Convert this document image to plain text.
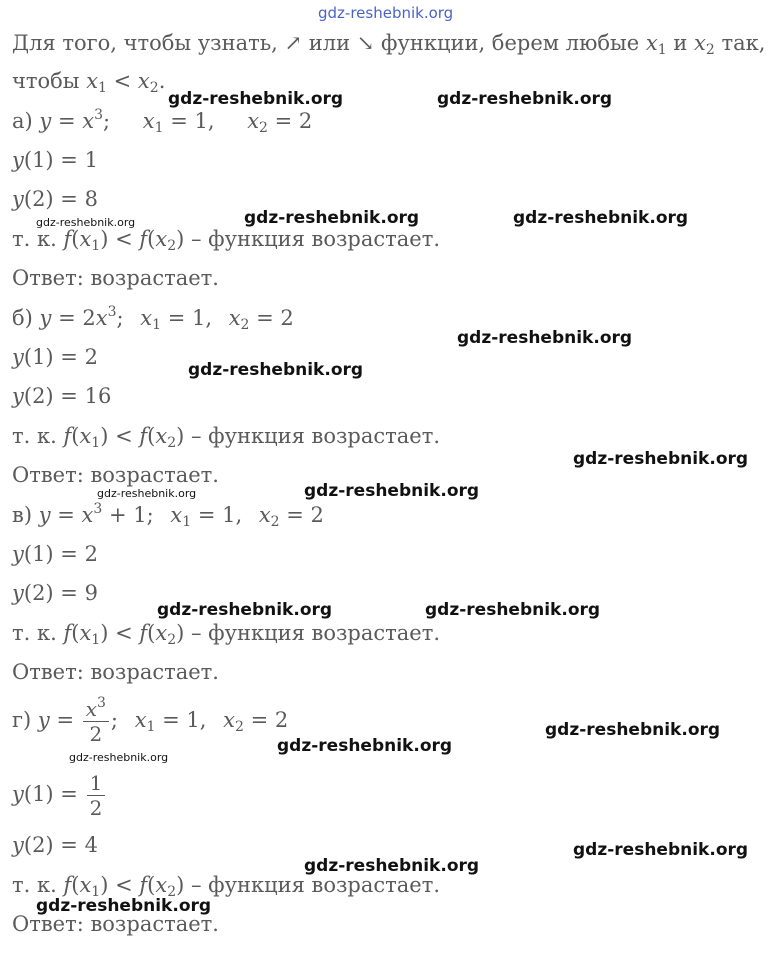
gdz-reshebnik.org
gdz-reshebnik.org	gdz-reshebnik.org
gdz-reshebnik.org	gdz-reshebnik.org	gdz-reshebnik.org
gdz-reshebnik.org
gdz-reshebnik.org
gdz-reshebnik.org
gdz-reshebnik.org	gdz-reshebnik.org
gdz-reshebnik.org	gdz-reshebnik.org
gdz-reshebnik.org
gdz-reshebnik.org
gdz-reshebnik.org
gdz-reshebnik.org
gdz-reshebnik.org
gdz-reshebnik.org
Для того, чтобы узнать, ↗ или ↘ функции, берем любые $x_1$ и $x_2$ так,
чтобы $x_1 < x_2$.
а) $y = x^3$; $x_1 = 1$, $x_2 = 2$
y(1) = 1
y(2) = 8
т. к. $f(x_1) < f(x_2)$ – функция возрастает.
Ответ: возрастает.
б) $y = 2x^3$; $x_1 = 1$, $x_2 = 2$
y(1) = 2
y(2) = 16
т. к. $f(x_1) < f(x_2)$ – функция возрастает.
Ответ: возрастает.
в) $y = x^3 + 1$; $x_1 = 1$, $x_2 = 2$
y(1) = 2
y(2) = 9
т. к. $f(x_1) < f(x_2)$ – функция возрастает.
Ответ: возрастает.
г) $y = \frac{x^3}{2}$ ; $x_1 = 1$, $x_2 = 2$
$y(1) = \frac{1}{2}$
y(2) = 4
т. к. $f(x_1) < f(x_2)$ – функция возрастает.
Ответ: возрастает.
